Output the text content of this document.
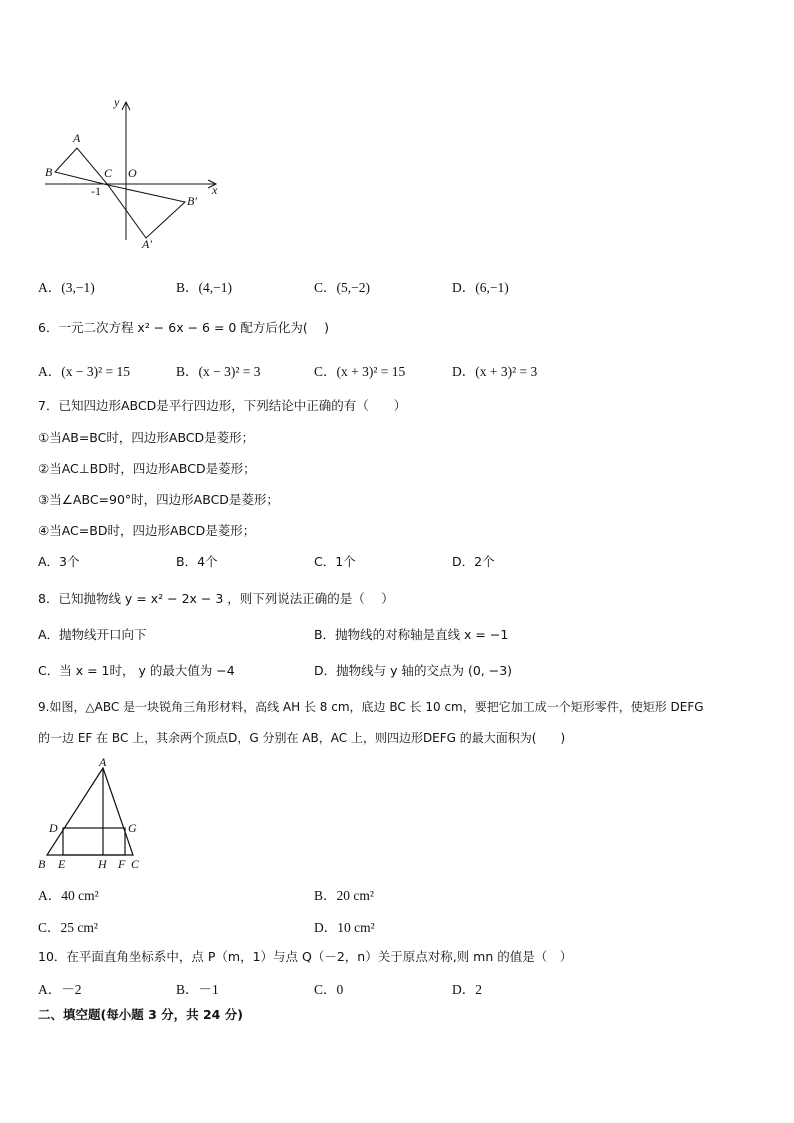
B
A
C O
-1	x
y
B′
A′
A．(3,−1)	B．(4,−1)	C．(5,−2)	D．(6,−1)
6．一元二次方程 x² − 6x − 6 = 0 配方后化为(　 )
A．(x − 3)² = 15	B．(x − 3)² = 3	C．(x + 3)² = 15	D．(x + 3)² = 3
7．已知四边形ABCD是平行四边形，下列结论中正确的有（　　）
①当AB=BC时，四边形ABCD是菱形；
②当AC⊥BD时，四边形ABCD是菱形；
③当∠ABC=90°时，四边形ABCD是菱形；
④当AC=BD时，四边形ABCD是菱形；
A．3个	B．4个	C．1个	D．2个
8．已知抛物线 y = x² − 2x − 3 ，则下列说法正确的是（　 ）
A．抛物线开口向下	B．抛物线的对称轴是直线 x = −1
C．当 x = 1时， y 的最大值为 −4	D．抛物线与 y 轴的交点为 (0, −3)
9.如图，△ABC 是一块锐角三角形材料，高线 AH 长 8 cm，底边 BC 长 10 cm，要把它加工成一个矩形零件，使矩形 DEFG
的一边 EF 在 BC 上，其余两个顶点D，G 分别在 AB，AC 上，则四边形DEFG 的最大面积为(　　)
A
D	G
B E	H F C
A．40 cm²	B．20 cm²
C．25 cm²	D．10 cm²
10．在平面直角坐标系中，点 P（m，1）与点 Q（－2，n）关于原点对称,则 mn 的值是（　）
A．－2	B．－1	C．0	D．2
二、填空题(每小题 3 分，共 24 分)
